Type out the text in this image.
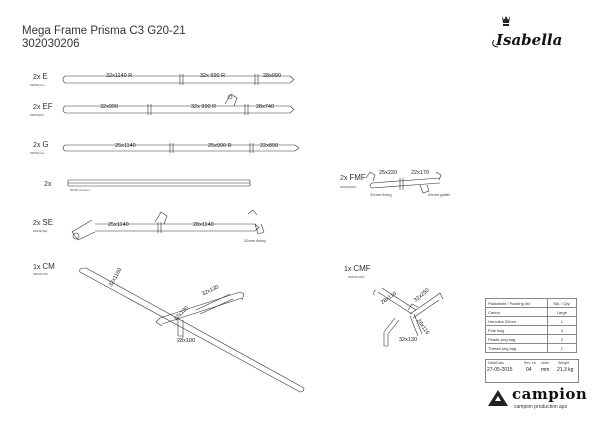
Mega Frame Prisma C3 G20-21
302030206	Isabella
2x E
99839(sor)
2x EF
99839(EF)
2x G
99839(sor)
2x
60x56 channel
2x FMF
99839(FMF)
2x SE
99839(SE)
1x CM
99839(CM)
1x CMF
99839(CMF)
32x1140 R	32x 990 R	28x990
32x990	32x 990 R	28x740
25x1140	25x990 R	22x890
25x220	22x170
32mm fixing	25mm gaffel
25x1140	28x1140
32mm fixing
32x1160
32x130
32x130
28x100
28x110	32x250
28x116
32x130
Pakkeliste / Packing list	Stk. / Qty.
Carton	Large
Hercules 32mm	1
Pole bag	4
Plastic peg bag	2
Thread peg bag	1
Date/Dato
27-05-2015
Rev. no
04
Units
mm
Weight
21,3 kg
campion
campion production aps
